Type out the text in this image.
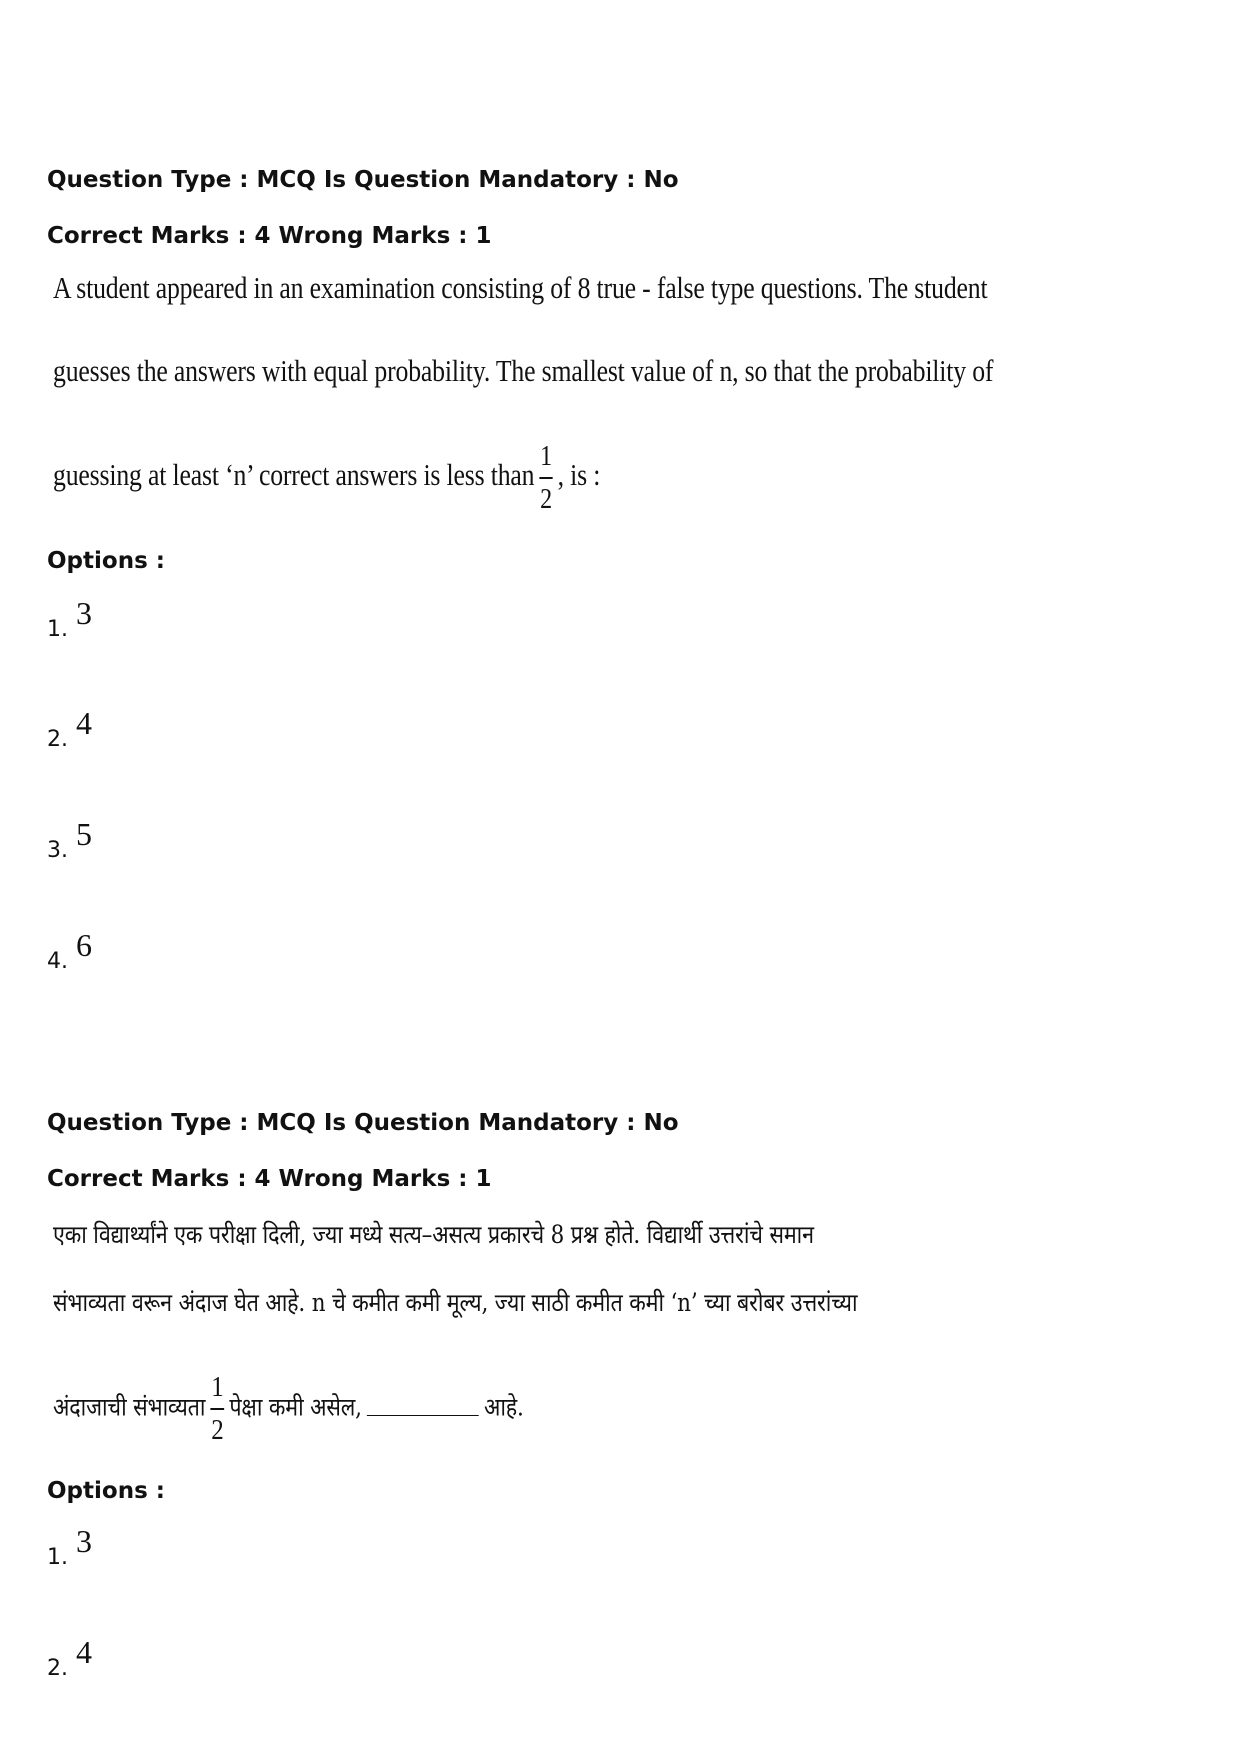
Question Type : MCQ Is Question Mandatory : No
Correct Marks : 4 Wrong Marks : 1
A student appeared in an examination consisting of 8 true - false type questions. The student
guesses the answers with equal probability. The smallest value of n, so that the probability of
guessing at least ‘n’ correct answers is less than $\frac{1}{2}$ , is :
Options :
1. 3
2. 4
3. 5
4. 6
Question Type : MCQ Is Question Mandatory : No
Correct Marks : 4 Wrong Marks : 1
एका विद्यार्थ्यांने एक परीक्षा दिली, ज्या मध्ये सत्य–असत्य प्रकारचे 8 प्रश्न होते. विद्यार्थी उत्तरांचे समान
संभाव्यता वरून अंदाज घेत आहे. n चे कमीत कमी मूल्य, ज्या साठी कमीत कमी ‘n’ च्या बरोबर उत्तरांच्या
अंदाजाची संभाव्यता $\frac{1}{2}$ पेक्षा कमी असेल,	आहे.
Options :
1. 3
2. 4
